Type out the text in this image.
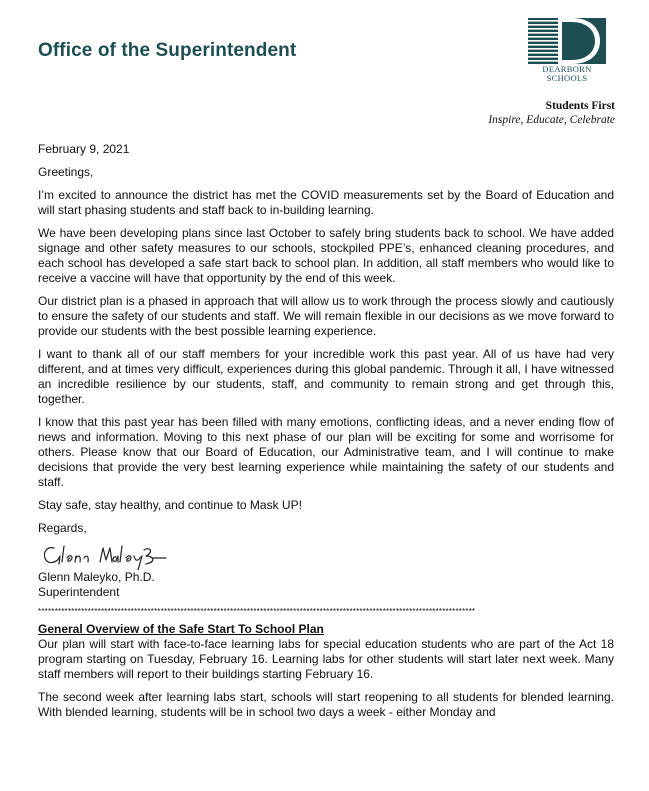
Office of the Superintendent
DEARBORN
SCHOOLS
Students First
Inspire, Educate, Celebrate

February 9, 2021

Greetings,

I’m excited to announce the district has met the COVID measurements set by the Board of Education and will start phasing students and staff back to in-building learning.

We have been developing plans since last October to safely bring students back to school. We have added signage and other safety measures to our schools, stockpiled PPE’s, enhanced cleaning procedures, and each school has developed a safe start back to school plan. In addition, all staff members who would like to receive a vaccine will have that opportunity by the end of this week.

Our district plan is a phased in approach that will allow us to work through the process slowly and cautiously to ensure the safety of our students and staff. We will remain flexible in our decisions as we move forward to provide our students with the best possible learning experience.

I want to thank all of our staff members for your incredible work this past year. All of us have had very different, and at times very difficult, experiences during this global pandemic. Through it all, I have witnessed an incredible resilience by our students, staff, and community to remain strong and get through this, together.

I know that this past year has been filled with many emotions, conflicting ideas, and a never ending flow of news and information. Moving to this next phase of our plan will be exciting for some and worrisome for others. Please know that our Board of Education, our Administrative team, and I will continue to make decisions that provide the very best learning experience while maintaining the safety of our students and staff.

Stay safe, stay healthy, and continue to Mask UP!

Regards,

Glenn Maleyko, Ph.D.

Superintendent

************************************************************************************************************************************

General Overview of the Safe Start To School Plan

Our plan will start with face-to-face learning labs for special education students who are part of the Act 18 program starting on Tuesday, February 16. Learning labs for other students will start later next week. Many staff members will report to their buildings starting February 16.

The second week after learning labs start, schools will start reopening to all students for blended learning. With blended learning, students will be in school two days a week - either Monday and
